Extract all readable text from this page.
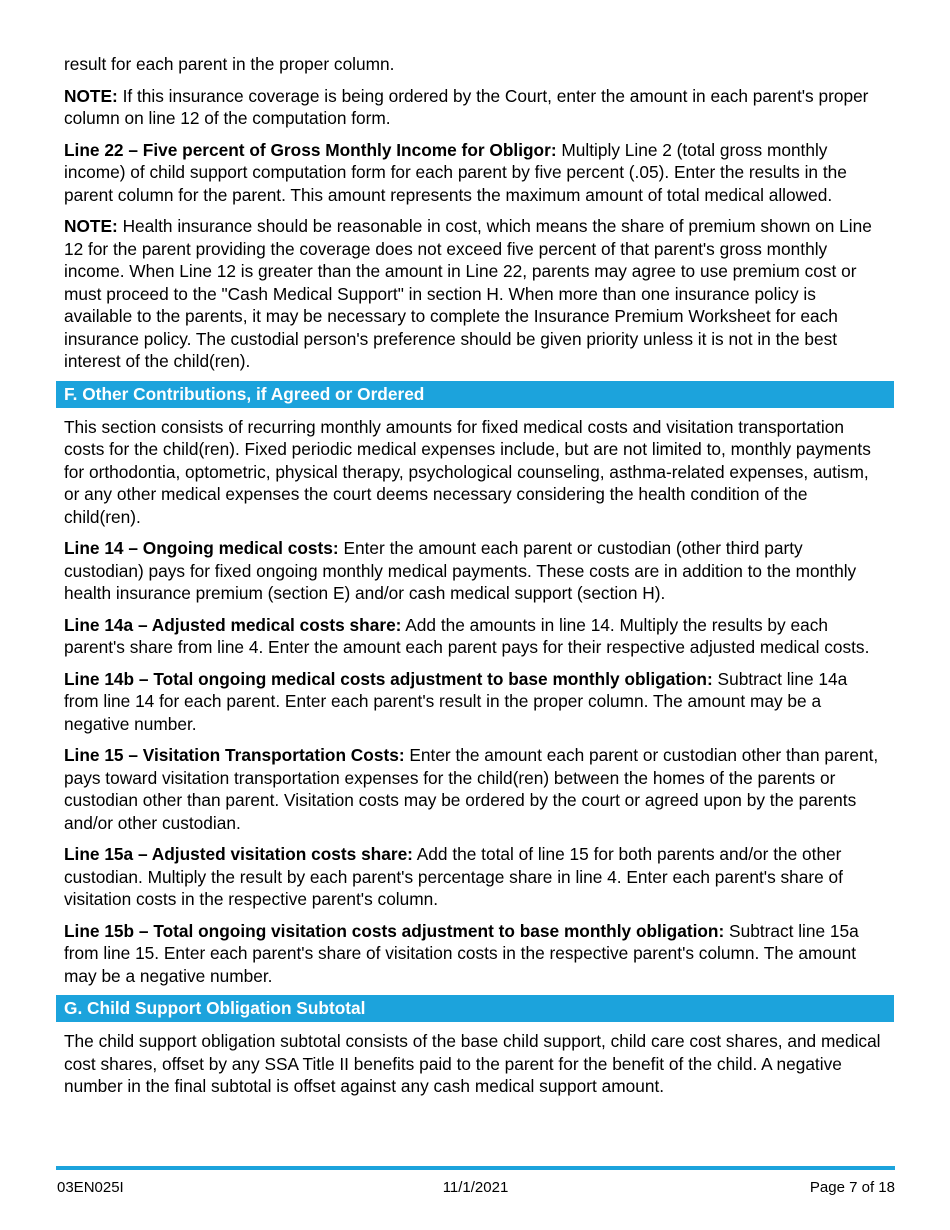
result for each parent in the proper column.

NOTE: If this insurance coverage is being ordered by the Court, enter the amount in each parent's proper column on line 12 of the computation form.

Line 22 – Five percent of Gross Monthly Income for Obligor: Multiply Line 2 (total gross monthly income) of child support computation form for each parent by five percent (.05). Enter the results in the parent column for the parent. This amount represents the maximum amount of total medical allowed.

NOTE: Health insurance should be reasonable in cost, which means the share of premium shown on Line 12 for the parent providing the coverage does not exceed five percent of that parent's gross monthly income. When Line 12 is greater than the amount in Line 22, parents may agree to use premium cost or must proceed to the "Cash Medical Support" in section H. When more than one insurance policy is available to the parents, it may be necessary to complete the Insurance Premium Worksheet for each insurance policy. The custodial person's preference should be given priority unless it is not in the best interest of the child(ren).

F. Other Contributions, if Agreed or Ordered

This section consists of recurring monthly amounts for fixed medical costs and visitation transportation costs for the child(ren). Fixed periodic medical expenses include, but are not limited to, monthly payments for orthodontia, optometric, physical therapy, psychological counseling, asthma-related expenses, autism, or any other medical expenses the court deems necessary considering the health condition of the child(ren).

Line 14 – Ongoing medical costs: Enter the amount each parent or custodian (other third party custodian) pays for fixed ongoing monthly medical payments. These costs are in addition to the monthly health insurance premium (section E) and/or cash medical support (section H).

Line 14a – Adjusted medical costs share: Add the amounts in line 14. Multiply the results by each parent's share from line 4. Enter the amount each parent pays for their respective adjusted medical costs.

Line 14b – Total ongoing medical costs adjustment to base monthly obligation: Subtract line 14a from line 14 for each parent. Enter each parent's result in the proper column. The amount may be a negative number.

Line 15 – Visitation Transportation Costs: Enter the amount each parent or custodian other than parent, pays toward visitation transportation expenses for the child(ren) between the homes of the parents or custodian other than parent. Visitation costs may be ordered by the court or agreed upon by the parents and/or other custodian.

Line 15a – Adjusted visitation costs share: Add the total of line 15 for both parents and/or the other custodian. Multiply the result by each parent's percentage share in line 4. Enter each parent's share of visitation costs in the respective parent's column.

Line 15b – Total ongoing visitation costs adjustment to base monthly obligation: Subtract line 15a from line 15. Enter each parent's share of visitation costs in the respective parent's column. The amount may be a negative number.

G. Child Support Obligation Subtotal

The child support obligation subtotal consists of the base child support, child care cost shares, and medical cost shares, offset by any SSA Title II benefits paid to the parent for the benefit of the child. A negative number in the final subtotal is offset against any cash medical support amount.

03EN025I	11/1/2021	Page 7 of 18
